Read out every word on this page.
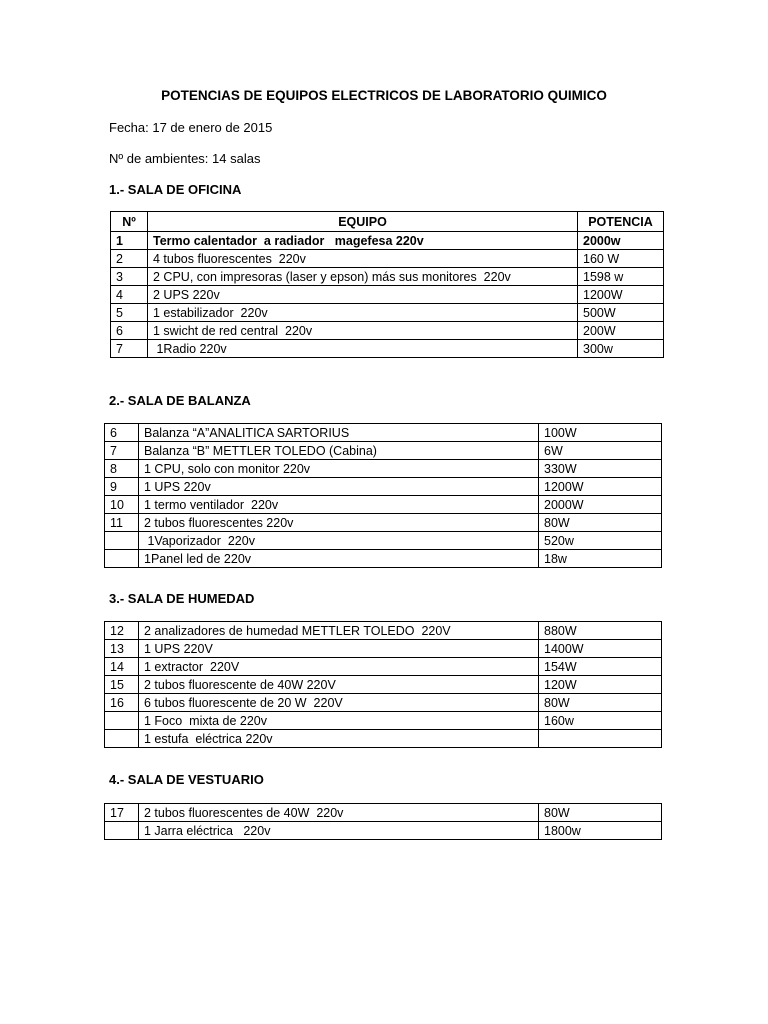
POTENCIAS DE EQUIPOS ELECTRICOS DE LABORATORIO QUIMICO
Fecha: 17 de enero de 2015
Nº de ambientes: 14 salas
1.- SALA DE OFICINA
Nº	EQUIPO	POTENCIA
1	Termo calentador  a radiador   magefesa 220v	2000w
2	4 tubos fluorescentes  220v	160 W
3	2 CPU, con impresoras (laser y epson) más sus monitores  220v	1598 w
4	2 UPS 220v	1200W
5	1 estabilizador  220v	500W
6	1 swicht de red central  220v	200W
7	1Radio 220v	300w
2.- SALA DE BALANZA
6	Balanza “A”ANALITICA SARTORIUS	100W
7	Balanza “B” METTLER TOLEDO (Cabina)	6W
8	1 CPU, solo con monitor 220v	330W
9	1 UPS 220v	1200W
10	1 termo ventilador  220v	2000W
11	2 tubos fluorescentes 220v	80W
	1Vaporizador  220v	520w
	1Panel led de 220v	18w
3.- SALA DE HUMEDAD
12	2 analizadores de humedad METTLER TOLEDO  220V	880W
13	1 UPS 220V	1400W
14	1 extractor  220V	154W
15	2 tubos fluorescente de 40W 220V	120W
16	6 tubos fluorescente de 20 W  220V	80W
	1 Foco  mixta de 220v	160w
	1 estufa  eléctrica 220v	
4.- SALA DE VESTUARIO
17	2 tubos fluorescentes de 40W  220v	80W
	1 Jarra eléctrica   220v	1800w
